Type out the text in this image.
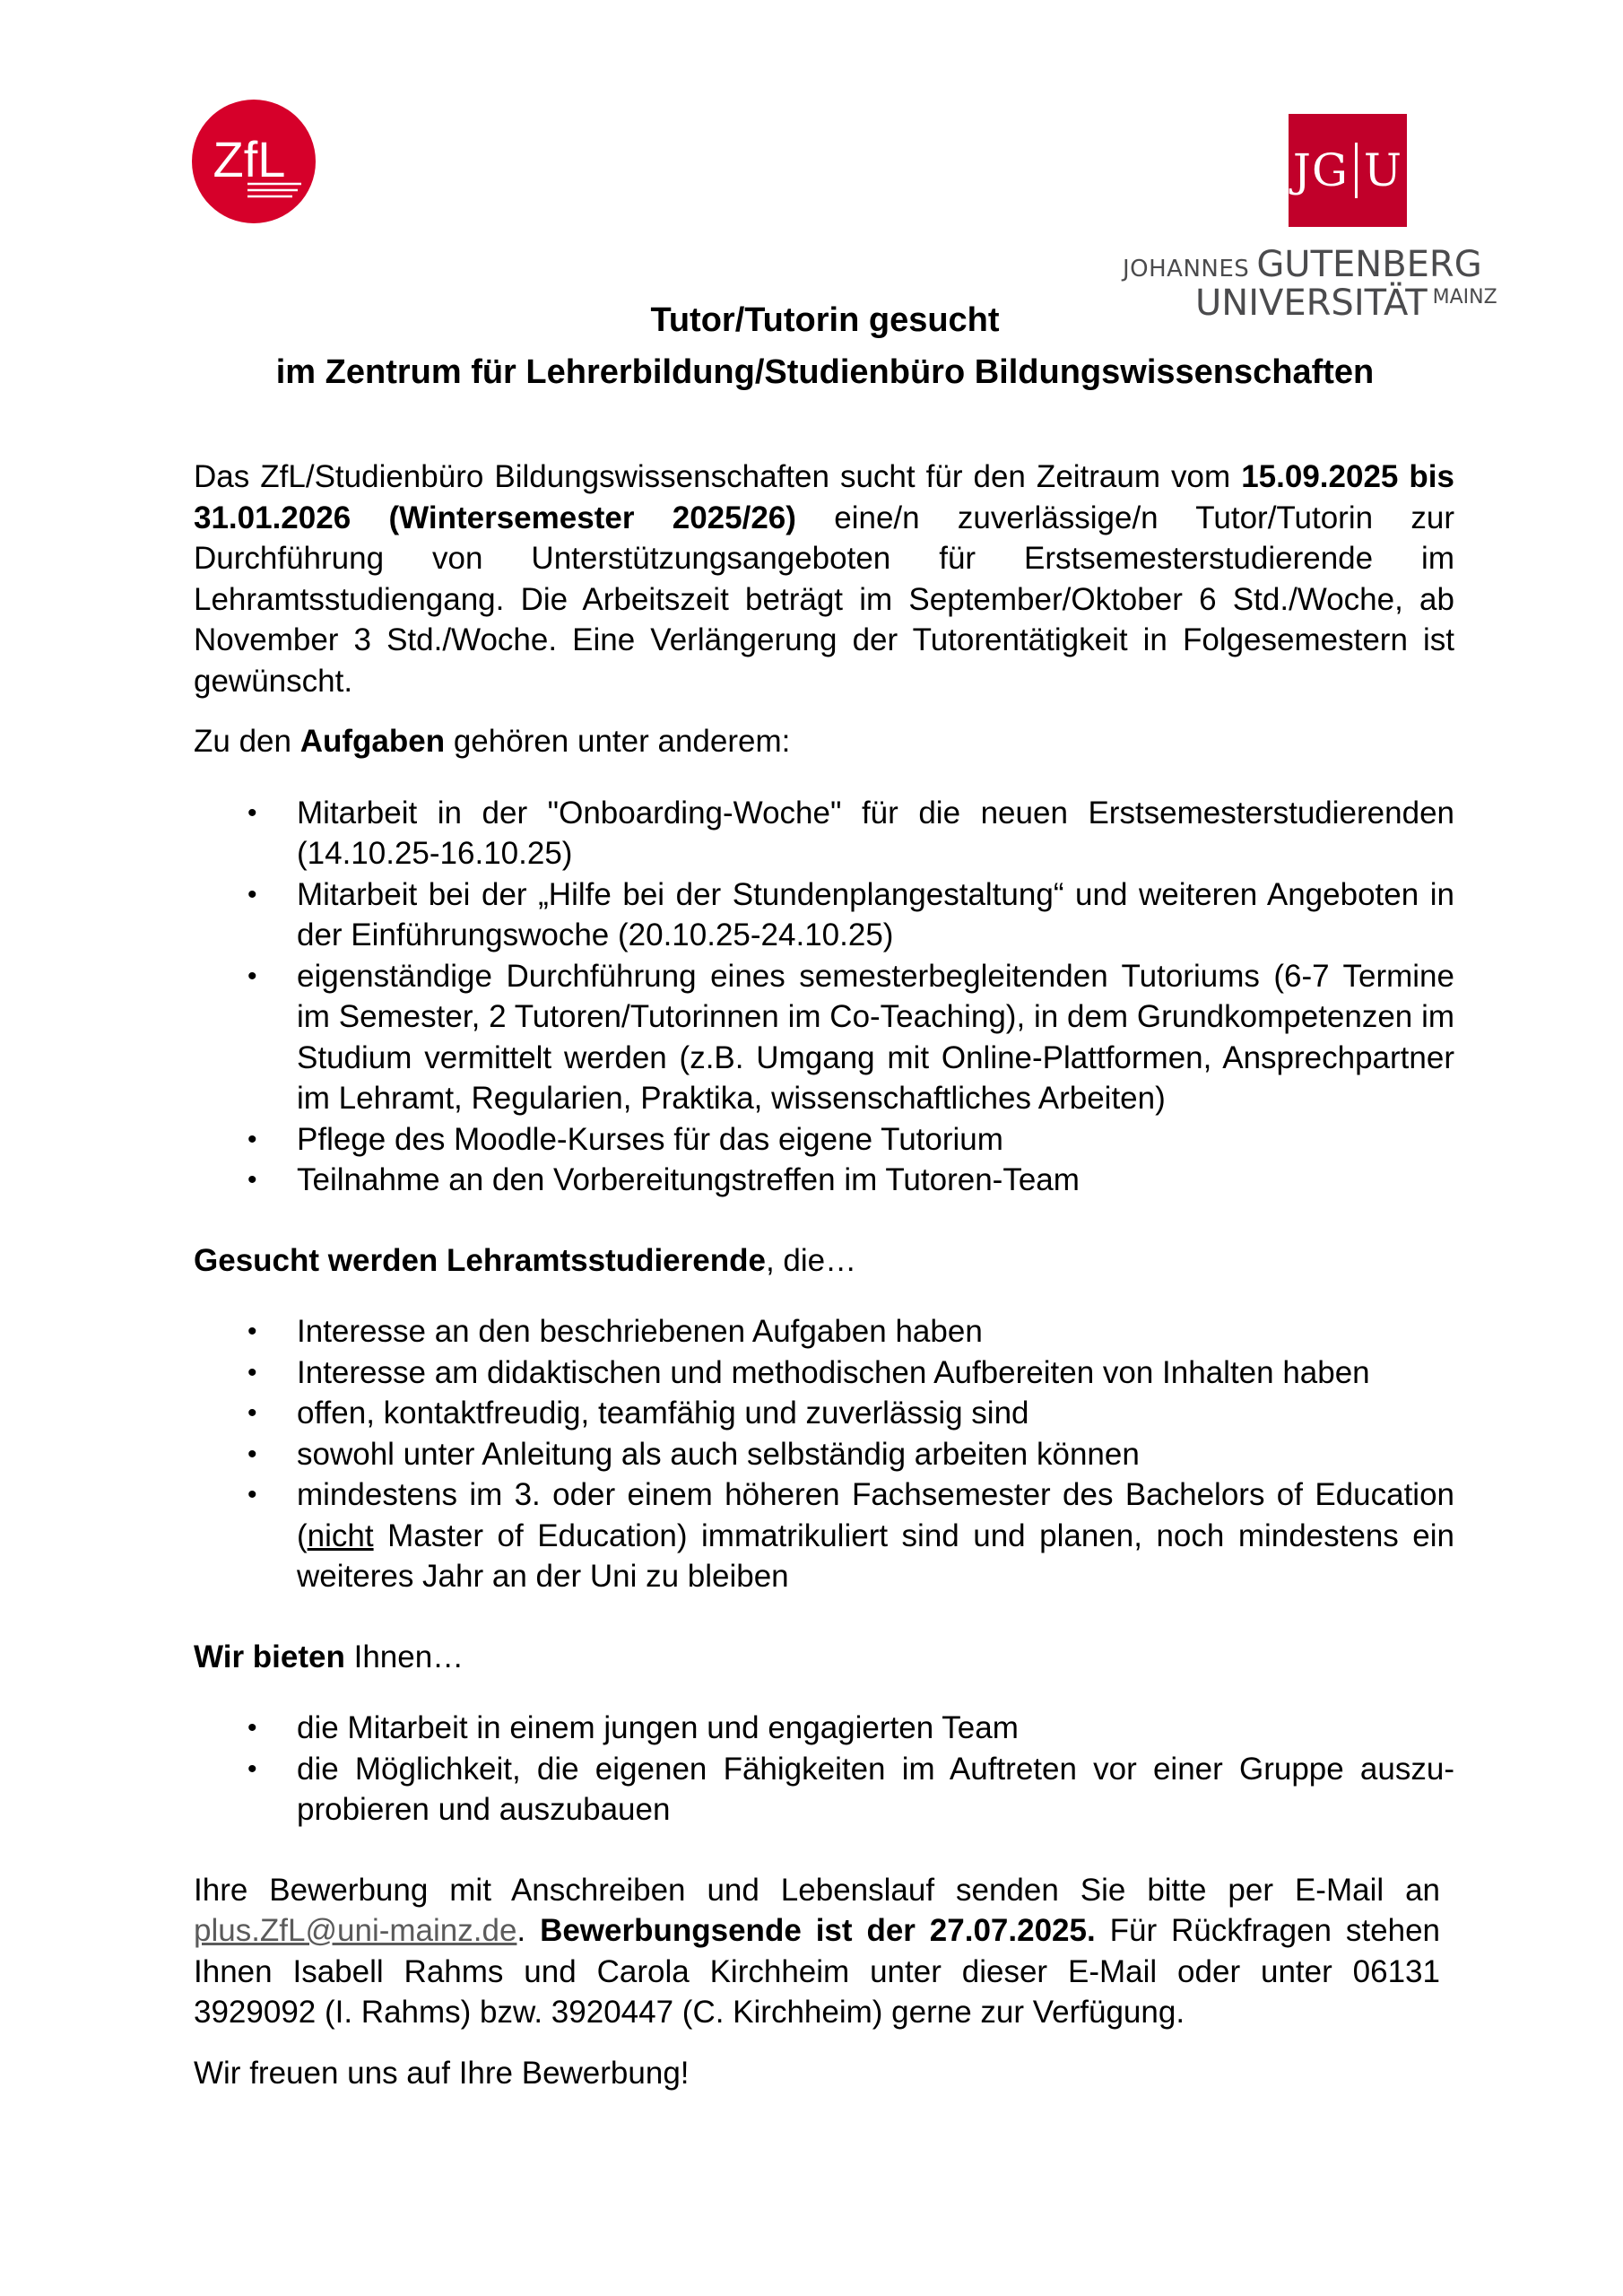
ZfL	JG U
JOHANNES GUTENBERG
UNIVERSITÄT $^{MAINZ}$
Tutor/Tutorin gesucht
im Zentrum für Lehrerbildung/Studienbüro Bildungswissenschaften

Das ZfL/Studienbüro Bildungswissenschaften sucht für den Zeitraum vom 15.09.2025 bis 31.01.2026 (Wintersemester 2025/26) eine/n zuverlässige/n Tutor/Tutorin zur Durchführung von Unterstützungsangeboten für Erstsemesterstudierende im Lehramtsstudiengang. Die Arbeitszeit beträgt im September/Oktober 6 Std./Woche, ab November 3 Std./Woche. Eine Verlängerung der Tutorentätigkeit in Folgesemestern ist gewünscht.

Zu den Aufgaben gehören unter anderem:

• Mitarbeit in der "Onboarding-Woche" für die neuen Erstsemesterstudierenden (14.10.25-16.10.25)
• Mitarbeit bei der „Hilfe bei der Stundenplangestaltung“ und weiteren Angeboten in der Einführungswoche (20.10.25-24.10.25)
• eigenständige Durchführung eines semesterbegleitenden Tutoriums (6-7 Termine im Semester, 2 Tutoren/Tutorinnen im Co-Teaching), in dem Grundkompetenzen im Studium vermittelt werden (z.B. Umgang mit Online-Plattformen, Ansprechpartner im Lehramt, Regularien, Praktika, wissenschaftliches Arbeiten)
• Pflege des Moodle-Kurses für das eigene Tutorium
• Teilnahme an den Vorbereitungstreffen im Tutoren-Team

Gesucht werden Lehramtsstudierende, die…

• Interesse an den beschriebenen Aufgaben haben
• Interesse am didaktischen und methodischen Aufbereiten von Inhalten haben
• offen, kontaktfreudig, teamfähig und zuverlässig sind
• sowohl unter Anleitung als auch selbständig arbeiten können
• mindestens im 3. oder einem höheren Fachsemester des Bachelors of Education (nicht Master of Education) immatrikuliert sind und planen, noch mindestens ein weiteres Jahr an der Uni zu bleiben

Wir bieten Ihnen…

• die Mitarbeit in einem jungen und engagierten Team
• die Möglichkeit, die eigenen Fähigkeiten im Auftreten vor einer Gruppe auszuprobieren und auszubauen

Ihre Bewerbung mit Anschreiben und Lebenslauf senden Sie bitte per E-Mail an plus.ZfL@uni-mainz.de. Bewerbungsende ist der 27.07.2025. Für Rückfragen stehen Ihnen Isabell Rahms und Carola Kirchheim unter dieser E-Mail oder unter 06131 3929092 (I. Rahms) bzw. 3920447 (C. Kirchheim) gerne zur Verfügung.

Wir freuen uns auf Ihre Bewerbung!
